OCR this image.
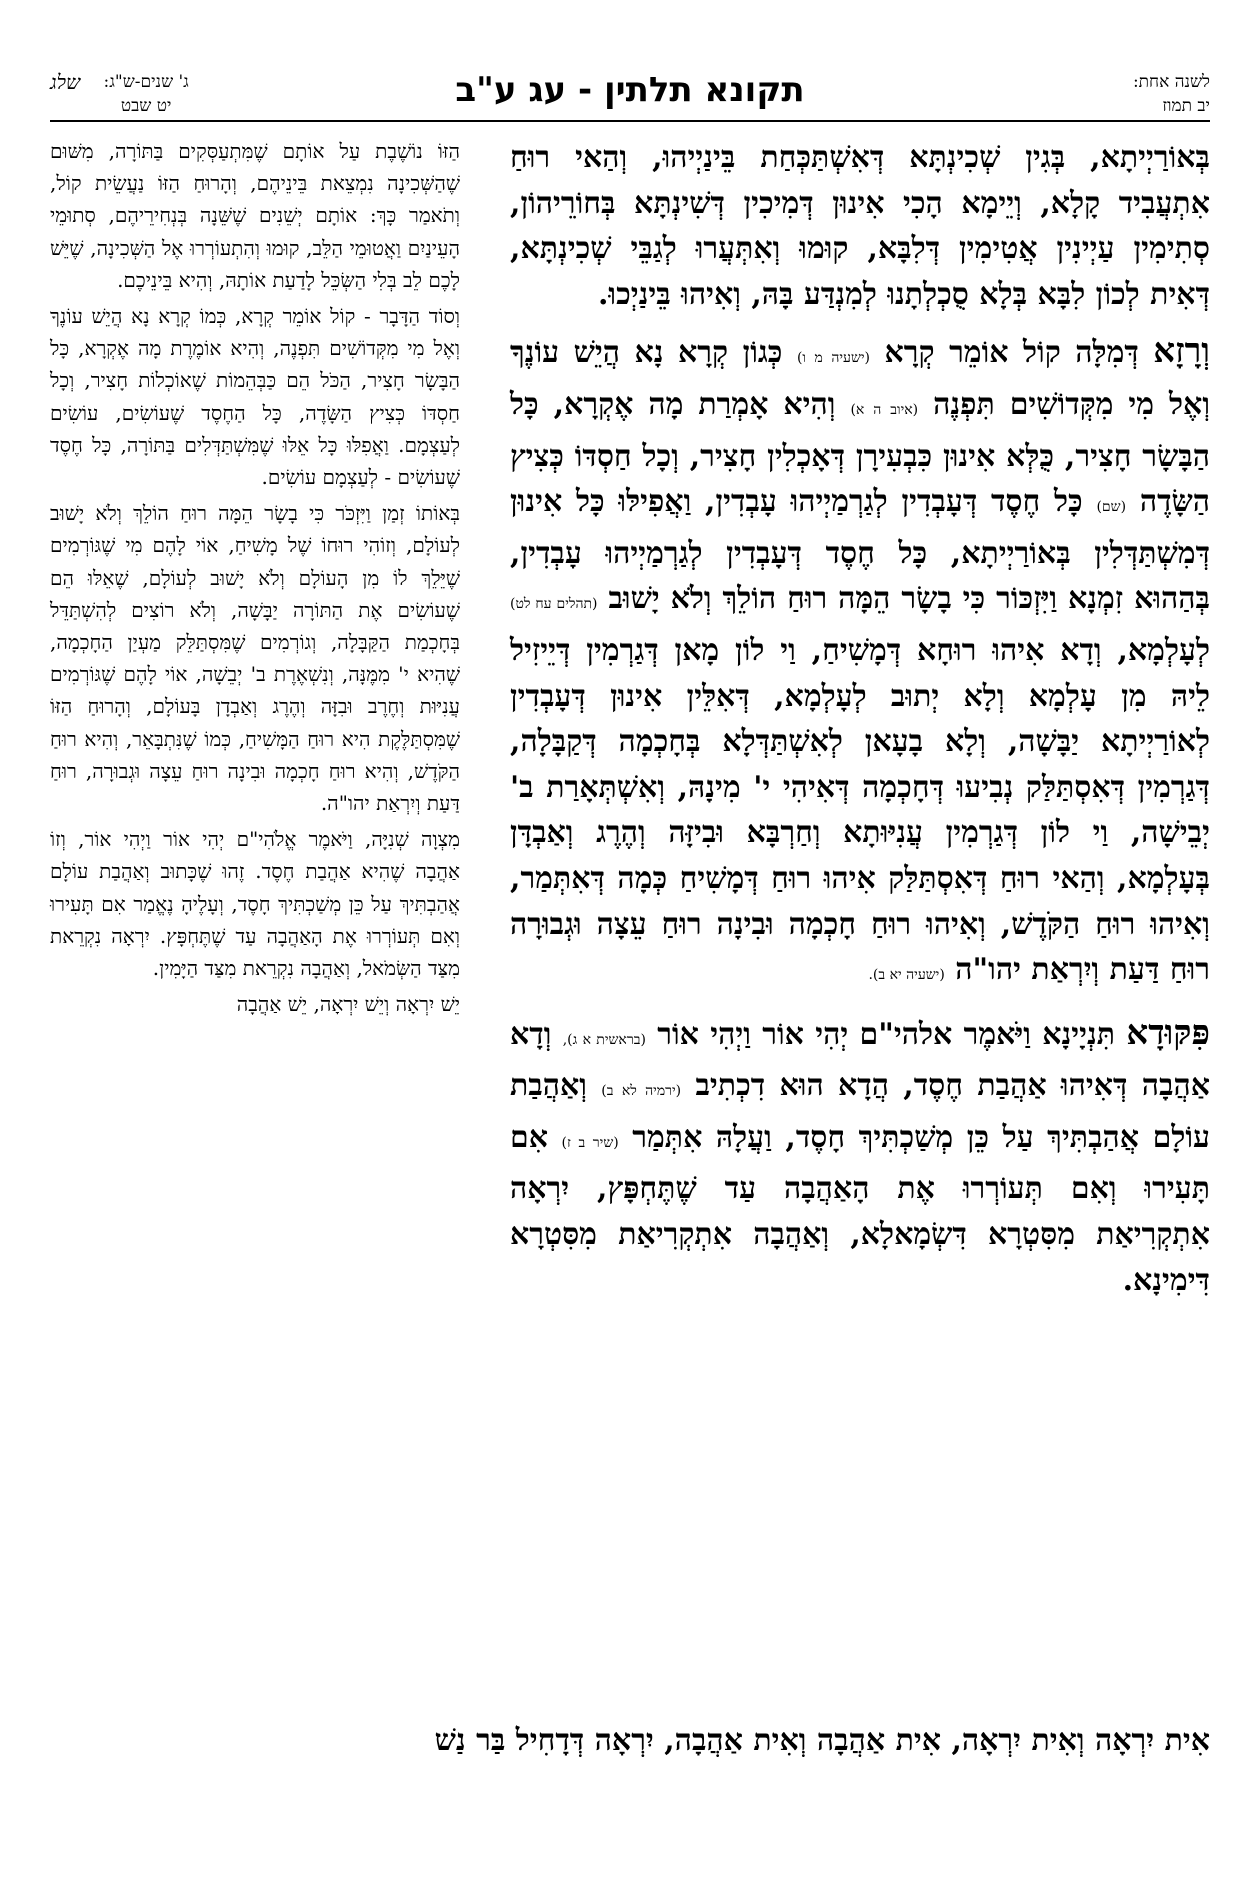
לשנה אחת:
יב תמוז
תקונא תלתין - עג ע"ב
ג' שנים-ש"ג:
יט שבט
שלג

בְּאוֹרַיְיתָא, בְּגִין שְׁכִינְתָּא דְּאִשְׁתַּכְּחַת בֵּינַיְיהוּ, וְהַאי רוּחַ אִתְעֲבִיד קָלָא, וְיֵימָא הָכִי אִינוּן דְּמִיכִין דְּשִׁינְתָּא בְּחוֹרֵיהוֹן, סְתִימִין עַיְינִין אֲטִימִין דְּלִבָּא, קוּמוּ וְאִתְּעֲרוּ לְגַבֵּי שְׁכִינְתָּא, דְּאִית לְכוֹן לִבָּא בְּלָא סֻכְלְתָנוּ לְמִנְדַּע בָּהּ, וְאִיהוּ בֵּינַיְכוּ.

וְרָזָא דְּמִלָּה קוֹל אוֹמֵר קְרָא (ישעיה מ ו) כְּגוֹן קְרָא נָא הֲיֵשׁ עוֹנֶךָ וְאֶל מִי מִקְּדוֹשִׁים תִּפְנֶה (איוב ה א) וְהִיא אָמְרַת מָה אֶקְרָא, כָּל הַבָּשָׂר חָצִיר, כֻּלְּא אִינוּן כִּבְעִירָן דְּאָכְלִין חָצִיר, וְכָל חַסְדּוֹ כְּצִיץ הַשָּׂדֶה (שם) כָּל חֶסֶד דְּעָבְדִין לְגַרְמַיְיהוּ עָבְדִין, וַאֲפִילּוּ כָּל אִינוּן דְּמִשְׁתַּדְּלִין בְּאוֹרַיְיתָא, כָּל חֶסֶד דְּעָבְדִין לְגַרְמַיְיהוּ עָבְדִין, בְּהַהוּא זִמְנָא וַיִּזְכּוֹר כִּי בָשָׂר הֵמָּה רוּחַ הוֹלֵךְ וְלֹא יָשׁוּב (תהלים עח לט) לְעָלְמָא, וְדָא אִיהוּ רוּחָא דְּמָשִׁיחַ, וַי לוֹן מָאן דְּגַרְמִין דְּיֵיזִיל לֵיהּ מִן עָלְמָא וְלָא יְתוּב לְעָלְמָא, דְּאִלֵּין אִינוּן דְּעָבְדִין לְאוֹרַיְיתָא יַבָּשָׁה, וְלָא בָעָאן לְאִשְׁתַּדְּלָא בְּחָכְמָה דְּקַבָּלָה, דְּגַרְמִין דְּאִסְתַּלַּק נְבִיעוּ דְּחָכְמָה דְּאִיהִי י' מִינָהּ, וְאִשְׁתְּאָרַת ב' יְבֵישָׁה, וַי לוֹן דְּגַרְמִין עֲנִיּוּתָא וְחַרְבָּא וּבִיזָּה וְהֶרֶג וְאַבְדָּן בְּעָלְמָא, וְהַאי רוּחַ דְּאִסְתַּלַּק אִיהוּ רוּחַ דְּמָשִׁיחַ כְּמָה דְּאִתְּמַר, וְאִיהוּ רוּחַ הַקֹּדֶשׁ, וְאִיהוּ רוּחַ חָכְמָה וּבִינָה רוּחַ עֵצָה וּגְבוּרָה רוּחַ דַּעַת וְיִרְאַת יהו"ה (ישעיה יא ב).

פִּקּוּדָא תִּנְיָינָא וַיֹּאמֶר אלהי"ם יְהִי אוֹר וַיְהִי אוֹר (בראשית א ג), וְדָא אַהֲבָה דְּאִיהוּ אַהֲבַת חֶסֶד, הֲדָא הוּא דִכְתִיב (ירמיה לא ב) וְאַהֲבַת עוֹלָם אֲהַבְתִּיךְ עַל כֵּן מְשַׁכְתִּיךְ חָסֶד, וַעֲלָהּ אִתְּמַר (שיר ב ז) אִם תָּעִירוּ וְאִם תְּעוֹרְרוּ אֶת הָאַהֲבָה עַד שֶׁתֶּחְפָּץ, יִרְאָה אִתְקְרִיאַת מִסִּטְרָא דִּשְׂמָאלָא, וְאַהֲבָה אִתְקְרִיאַת מִסִּטְרָא דִּימִינָא.

הַזּוֹ נוֹשֶׁבֶת עַל אוֹתָם שֶׁמִּתְעַסְּקִים בַּתּוֹרָה, מִשּׁוּם שֶׁהַשְּׁכִינָה נִמְצֵאת בֵּינֵיהֶם, וְהָרוּחַ הַזּוֹ נַעֲשֵׂית קוֹל, וְתֹאמַר כָּךְ: אוֹתָם יְשֵׁנִים שֶׁשֵּׁנָה בְּנְחִירֵיהֶם, סְתוּמֵי הָעֵינַיִם וַאֲטוּמֵי הַלֵּב, קוּמוּ וְהִתְעוֹרְרוּ אֶל הַשְּׁכִינָה, שֶׁיֵּשׁ לָכֶם לֵב בְּלִי הַשְּׂכֵּל לָדַעַת אוֹתָהּ, וְהִיא בֵּינֵיכֶם.

וְסוֹד הַדָּבָר - קוֹל אוֹמֵר קְרָא, כְּמוֹ קְרָא נָא הֲיֵשׁ עוֹנֶךָ וְאֶל מִי מִקְּדוֹשִׁים תִּפְנֶה, וְהִיא אוֹמֶרֶת מָה אֶקְרָא, כָּל הַבָּשָׂר חָצִיר, הַכֹּל הֵם כַּבְּהֵמוֹת שֶׁאוֹכְלוֹת חָצִיר, וְכָל חַסְדּוֹ כְּצִיץ הַשָּׂדֶה, כָּל הַחֶסֶד שֶׁעוֹשִׂים, עוֹשִׂים לְעַצְמָם. וַאֲפִלּוּ כָּל אֵלּוּ שֶׁמִּשְׁתַּדְּלִים בַּתּוֹרָה, כָּל חֶסֶד שֶׁעוֹשִׂים - לְעַצְמָם עוֹשִׂים.

בְּאוֹתוֹ זְמַן וַיִּזְכֹּר כִּי בָשָׂר הֵמָּה רוּחַ הוֹלֵךְ וְלֹא יָשׁוּב לְעוֹלָם, וְזוֹהִי רוּחוֹ שֶׁל מָשִׁיחַ, אוֹי לָהֶם מִי שֶׁגּוֹרְמִים שֶׁיֵּלֵךְ לוֹ מִן הָעוֹלָם וְלֹא יָשׁוּב לְעוֹלָם, שֶׁאֵלּוּ הֵם שֶׁעוֹשִׂים אֶת הַתּוֹרָה יַבָּשָׁה, וְלֹא רוֹצִים לְהִשְׁתַּדֵּל בְּחָכְמַת הַקַּבָּלָה, וְגוֹרְמִים שֶׁמִּסְתַּלֵּק מַעְיַן הַחָכְמָה, שֶׁהִיא י' מִמֶּנָּה, וְנִשְׁאֶרֶת ב' יְבֵשָׁה, אוֹי לָהֶם שֶׁגּוֹרְמִים עֲנִיּוּת וְחֶרֶב וּבִזָּה וְהֶרֶג וְאַבְדָן בָּעוֹלָם, וְהָרוּחַ הַזּוֹ שֶׁמִּסְתַּלֶּקֶת הִיא רוּחַ הַמָּשִׁיחַ, כְּמוֹ שֶׁנִּתְבָּאֵר, וְהִיא רוּחַ הַקֹּדֶשׁ, וְהִיא רוּחַ חָכְמָה וּבִינָה רוּחַ עֵצָה וּגְבוּרָה, רוּחַ דַּעַת וְיִרְאַת יהו"ה.

מִצְוָה שְׁנִיָּה, וַיֹּאמֶר אֱלֹהִי"ם יְהִי אוֹר וַיְהִי אוֹר, וְזוֹ אַהֲבָה שֶׁהִיא אַהֲבַת חֶסֶד. זֶהוּ שֶׁכָּתוּב וְאַהֲבַת עוֹלָם אֲהַבְתִּיךְ עַל כֵּן מְשַׁכְתִּיךְ חָסֶד, וְעָלֶיהָ נֶאֱמַר אִם תָּעִירוּ וְאִם תְּעוֹרְרוּ אֶת הָאַהֲבָה עַד שֶׁתֶּחְפָּץ. יִרְאָה נִקְרֵאת מִצַּד הַשְּׂמֹאל, וְאַהֲבָה נִקְרֵאת מִצַּד הַיָּמִין.

יֵשׁ יִרְאָה וְיֵשׁ יִרְאָה, יֵשׁ אַהֲבָה

אִית יִרְאָה וְאִית יִרְאָה, אִית אַהֲבָה וְאִית אַהֲבָה, יִרְאָה דְּדָחִיל בַּר נַשׁ
